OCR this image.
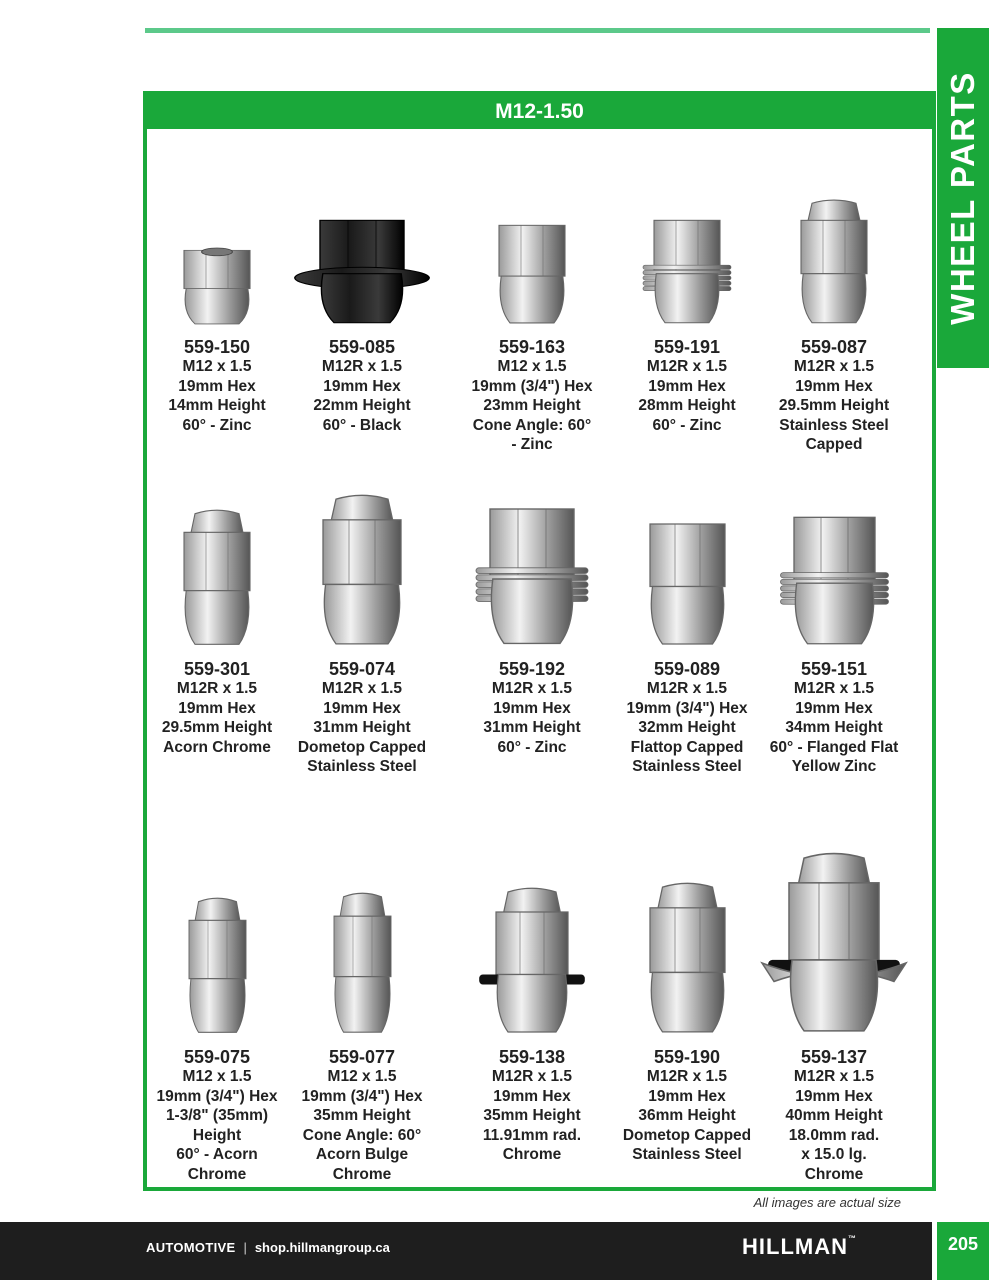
WHEEL PARTS
M12-1.50
559-150
M12 x 1.5
19mm Hex
14mm Height
60° - Zinc
559-085
M12R x 1.5
19mm Hex
22mm Height
60° - Black
559-163
M12 x 1.5
19mm (3/4") Hex
23mm Height
Cone Angle: 60°
- Zinc
559-191
M12R x 1.5
19mm Hex
28mm Height
60° - Zinc
559-087
M12R x 1.5
19mm Hex
29.5mm Height
Stainless Steel
Capped
559-301
M12R x 1.5
19mm Hex
29.5mm Height
Acorn Chrome
559-074
M12R x 1.5
19mm Hex
31mm Height
Dometop Capped
Stainless Steel
559-192
M12R x 1.5
19mm Hex
31mm Height
60° - Zinc
559-089
M12R x 1.5
19mm (3/4") Hex
32mm Height
Flattop Capped
Stainless Steel
559-151
M12R x 1.5
19mm Hex
34mm Height
60° - Flanged Flat
Yellow Zinc
559-075
M12 x 1.5
19mm (3/4") Hex
1-3/8" (35mm)
Height
60° - Acorn
Chrome
559-077
M12 x 1.5
19mm (3/4") Hex
35mm Height
Cone Angle: 60°
Acorn Bulge
Chrome
559-138
M12R x 1.5
19mm Hex
35mm Height
11.91mm rad.
Chrome
559-190
M12R x 1.5
19mm Hex
36mm Height
Dometop Capped
Stainless Steel
559-137
M12R x 1.5
19mm Hex
40mm Height
18.0mm rad.
x 15.0 lg.
Chrome
All images are actual size
AUTOMOTIVE | shop.hillmangroup.ca	HILLMAN™	205
